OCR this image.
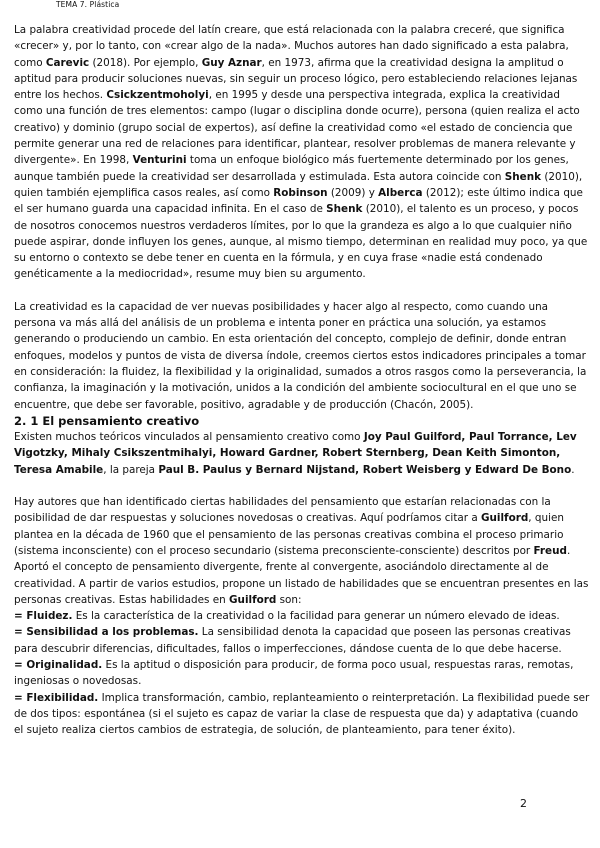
TEMA 7. Plástica

La palabra creatividad procede del latín creare, que está relacionada con la palabra creceré, que significa «crecer» y, por lo tanto, con «crear algo de la nada». Muchos autores han dado significado a esta palabra, como Carevic (2018). Por ejemplo, Guy Aznar, en 1973, afirma que la creatividad designa la amplitud o aptitud para producir soluciones nuevas, sin seguir un proceso lógico, pero estableciendo relaciones lejanas entre los hechos. Csickzentmoholyi, en 1995 y desde una perspectiva integrada, explica la creatividad como una función de tres elementos: campo (lugar o disciplina donde ocurre), persona (quien realiza el acto creativo) y dominio (grupo social de expertos), así define la creatividad como «el estado de conciencia que permite generar una red de relaciones para identificar, plantear, resolver problemas de manera relevante y divergente». En 1998, Venturini toma un enfoque biológico más fuertemente determinado por los genes, aunque también puede la creatividad ser desarrollada y estimulada. Esta autora coincide con Shenk (2010), quien también ejemplifica casos reales, así como Robinson (2009) y Alberca (2012); este último indica que el ser humano guarda una capacidad infinita. En el caso de Shenk (2010), el talento es un proceso, y pocos de nosotros conocemos nuestros verdaderos límites, por lo que la grandeza es algo a lo que cualquier niño puede aspirar, donde influyen los genes, aunque, al mismo tiempo, determinan en realidad muy poco, ya que su entorno o contexto se debe tener en cuenta en la fórmula, y en cuya frase «nadie está condenado genéticamente a la mediocridad», resume muy bien su argumento.

La creatividad es la capacidad de ver nuevas posibilidades y hacer algo al respecto, como cuando una persona va más allá del análisis de un problema e intenta poner en práctica una solución, ya estamos generando o produciendo un cambio. En esta orientación del concepto, complejo de definir, donde entran enfoques, modelos y puntos de vista de diversa índole, creemos ciertos estos indicadores principales a tomar en consideración: la fluidez, la flexibilidad y la originalidad, sumados a otros rasgos como la perseverancia, la confianza, la imaginación y la motivación, unidos a la condición del ambiente sociocultural en el que uno se encuentre, que debe ser favorable, positivo, agradable y de producción (Chacón, 2005).

2. 1 El pensamiento creativo

Existen muchos teóricos vinculados al pensamiento creativo como Joy Paul Guilford, Paul Torrance, Lev Vigotzky, Mihaly Csikszentmihalyi, Howard Gardner, Robert Sternberg, Dean Keith Simonton, Teresa Amabile, la pareja Paul B. Paulus y Bernard Nijstand, Robert Weisberg y Edward De Bono.

Hay autores que han identificado ciertas habilidades del pensamiento que estarían relacionadas con la posibilidad de dar respuestas y soluciones novedosas o creativas. Aquí podríamos citar a Guilford, quien plantea en la década de 1960 que el pensamiento de las personas creativas combina el proceso primario (sistema inconsciente) con el proceso secundario (sistema preconsciente-consciente) descritos por Freud. Aportó el concepto de pensamiento divergente, frente al convergente, asociándolo directamente al de creatividad. A partir de varios estudios, propone un listado de habilidades que se encuentran presentes en las personas creativas. Estas habilidades en Guilford son:

= Fluidez. Es la característica de la creatividad o la facilidad para generar un número elevado de ideas.

= Sensibilidad a los problemas. La sensibilidad denota la capacidad que poseen las personas creativas para descubrir diferencias, dificultades, fallos o imperfecciones, dándose cuenta de lo que debe hacerse.

= Originalidad. Es la aptitud o disposición para producir, de forma poco usual, respuestas raras, remotas, ingeniosas o novedosas.

= Flexibilidad. Implica transformación, cambio, replanteamiento o reinterpretación. La flexibilidad puede ser de dos tipos: espontánea (si el sujeto es capaz de variar la clase de respuesta que da) y adaptativa (cuando el sujeto realiza ciertos cambios de estrategia, de solución, de planteamiento, para tener éxito).

2
